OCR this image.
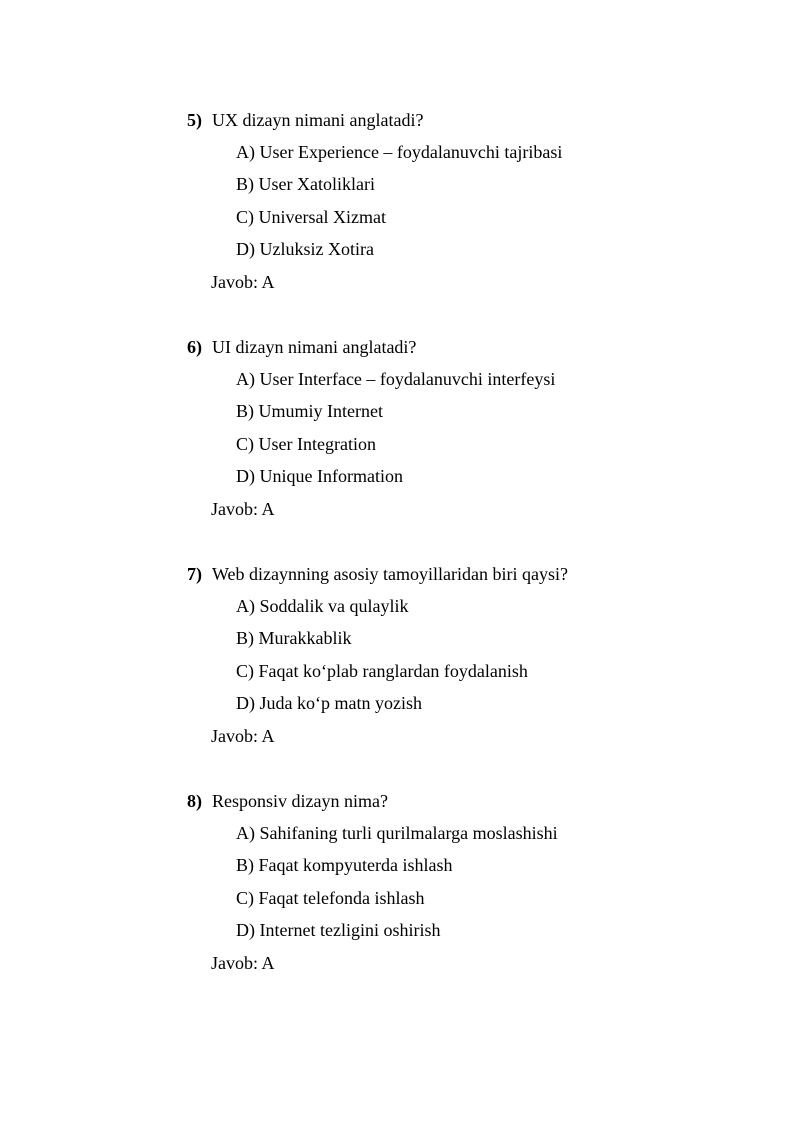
5) UX dizayn nimani anglatadi?
A) User Experience – foydalanuvchi tajribasi
B) User Xatoliklari
C) Universal Xizmat
D) Uzluksiz Xotira
Javob: A
6) UI dizayn nimani anglatadi?
A) User Interface – foydalanuvchi interfeysi
B) Umumiy Internet
C) User Integration
D) Unique Information
Javob: A
7) Web dizaynning asosiy tamoyillaridan biri qaysi?
A) Soddalik va qulaylik
B) Murakkablik
C) Faqat ko‘plab ranglardan foydalanish
D) Juda ko‘p matn yozish
Javob: A
8) Responsiv dizayn nima?
A) Sahifaning turli qurilmalarga moslashishi
B) Faqat kompyuterda ishlash
C) Faqat telefonda ishlash
D) Internet tezligini oshirish
Javob: A
